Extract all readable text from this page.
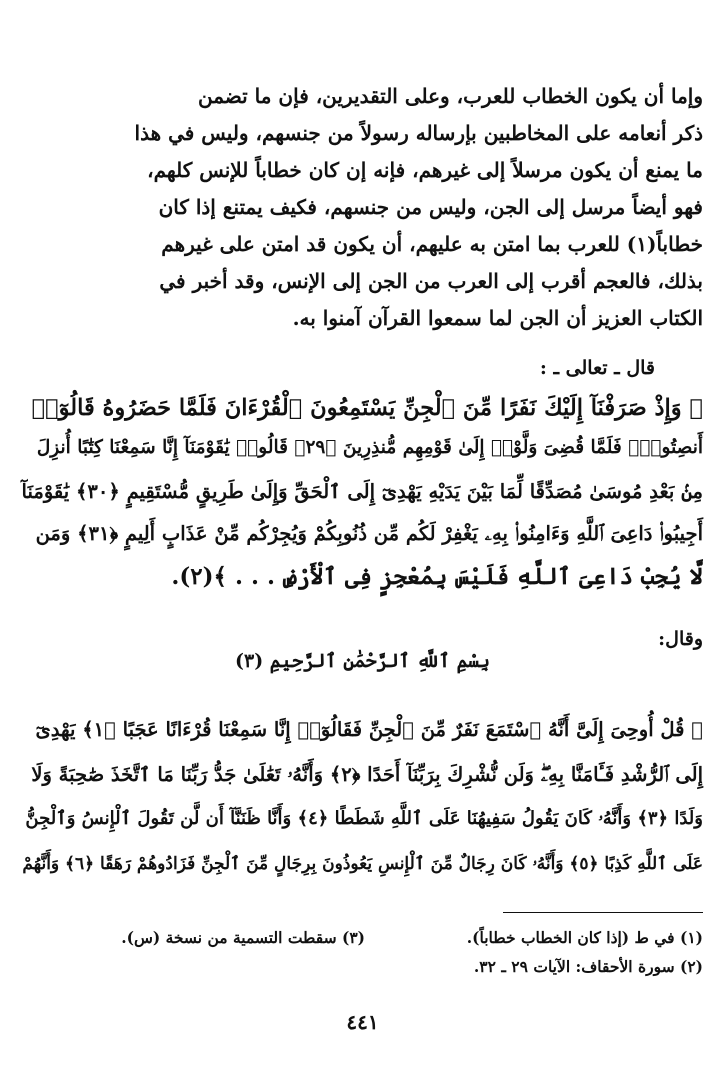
وإما أن يكون الخطاب للعرب، وعلى التقديرين، فإن ما تضمن
ذكر أنعامه على المخاطبين بإرساله رسولاً من جنسهم، وليس في هذا
ما يمنع أن يكون مرسلاً إلى غيرهم، فإنه إن كان خطاباً للإنس كلهم،
فهو أيضاً مرسل إلى الجن، وليس من جنسهم، فكيف يمتنع إذا كان
خطاباً(١) للعرب بما امتن به عليهم، أن يكون قد امتن على غيرهم
بذلك، فالعجم أقرب إلى العرب من الجن إلى الإنس، وقد أخبر في
الكتاب العزيز أن الجن لما سمعوا القرآن آمنوا به.
قال ـ تعالى ـ :
﴿ وَإِذْ صَرَفْنَآ إِلَيْكَ نَفَرًا مِّنَ ٱلْجِنِّ يَسْتَمِعُونَ ٱلْقُرْءَانَ فَلَمَّا حَضَرُوهُ قَالُوٓا۟
أَنصِتُوا۟ۖ فَلَمَّا قُضِىَ وَلَّوْا۟ إِلَىٰ قَوْمِهِم مُّنذِرِينَ ﴿٢٩﴾ قَالُوا۟ يَٰقَوْمَنَآ إِنَّا سَمِعْنَا كِتَٰبًا أُنزِلَ
مِنۢ بَعْدِ مُوسَىٰ مُصَدِّقًا لِّمَا بَيْنَ يَدَيْهِ يَهْدِىٓ إِلَى ٱلْحَقِّ وَإِلَىٰ طَرِيقٍ مُّسْتَقِيمٍ ﴿٣٠﴾ يَٰقَوْمَنَآ
أَجِيبُوا۟ دَاعِىَ ٱللَّهِ وَءَامِنُوا۟ بِهِۦ يَغْفِرْ لَكُم مِّن ذُنُوبِكُمْ وَيُجِرْكُم مِّنْ عَذَابٍ أَلِيمٍ ﴿٣١﴾ وَمَن
لَّا يُجِبْ دَاعِىَ ٱللَّهِ فَلَيْسَ بِمُعْجِزٍ فِى ٱلْأَرْضِ . . . ﴾(٢).
وقال:
بِسْمِ ٱللَّهِ ٱلرَّحْمَٰنِ ٱلرَّحِيمِ (٣)
﴿ قُلْ أُوحِىَ إِلَىَّ أَنَّهُ ٱسْتَمَعَ نَفَرٌ مِّنَ ٱلْجِنِّ فَقَالُوٓا۟ إِنَّا سَمِعْنَا قُرْءَانًا عَجَبًا ﴿١﴾ يَهْدِىٓ
إِلَى ٱلرُّشْدِ فَـَٔامَنَّا بِهِۦۖ وَلَن نُّشْرِكَ بِرَبِّنَآ أَحَدًا ﴿٢﴾ وَأَنَّهُۥ تَعَٰلَىٰ جَدُّ رَبِّنَا مَا ٱتَّخَذَ صَٰحِبَةً وَلَا
وَلَدًا ﴿٣﴾ وَأَنَّهُۥ كَانَ يَقُولُ سَفِيهُنَا عَلَى ٱللَّهِ شَطَطًا ﴿٤﴾ وَأَنَّا ظَنَنَّآ أَن لَّن تَقُولَ ٱلْإِنسُ وَٱلْجِنُّ
عَلَى ٱللَّهِ كَذِبًا ﴿٥﴾ وَأَنَّهُۥ كَانَ رِجَالٌ مِّنَ ٱلْإِنسِ يَعُوذُونَ بِرِجَالٍ مِّنَ ٱلْجِنِّ فَزَادُوهُمْ رَهَقًا ﴿٦﴾ وَأَنَّهُمْ
(١) في ط (إذا كان الخطاب خطاباً).
(٣) سقطت التسمية من نسخة (س).
(٢) سورة الأحقاف: الآيات ٢٩ ـ ٣٢.
٤٤١
